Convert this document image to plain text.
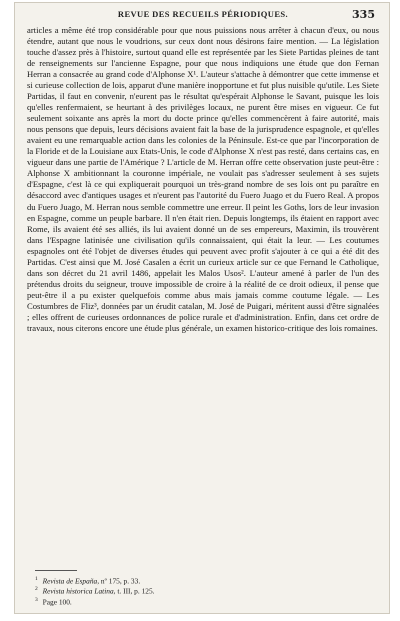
REVUE DES RECUEILS PÉRIODIQUES.	335

articles a même été trop considérable pour que nous puissions nous arrêter à chacun d'eux, ou nous étendre, autant que nous le voudrions, sur ceux dont nous désirons faire mention. — La législation touche d'assez près à l'histoire, surtout quand elle est représentée par les Siete Partidas pleines de tant de renseignements sur l'ancienne Espagne, pour que nous indiquions une étude que don Fernan Herran a consacrée au grand code d'Alphonse X¹. L'auteur s'attache à démontrer que cette immense et si curieuse collection de lois, apparut d'une manière inopportune et fut plus nuisible qu'utile. Les Siete Partidas, il faut en convenir, n'eurent pas le résultat qu'espérait Alphonse le Savant, puisque les lois qu'elles renfermaient, se heurtant à des privilèges locaux, ne purent être mises en vigueur. Ce fut seulement soixante ans après la mort du docte prince qu'elles commencèrent à faire autorité, mais nous pensons que depuis, leurs décisions avaient fait la base de la jurisprudence espagnole, et qu'elles avaient eu une remarquable action dans les colonies de la Péninsule. Est-ce que par l'incorporation de la Floride et de la Louisiane aux Etats-Unis, le code d'Alphonse X n'est pas resté, dans certains cas, en vigueur dans une partie de l'Amérique ? L'article de M. Herran offre cette observation juste peut-être : Alphonse X ambitionnant la couronne impériale, ne voulait pas s'adresser seulement à ses sujets d'Espagne, c'est là ce qui expliquerait pourquoi un très-grand nombre de ses lois ont pu paraître en désaccord avec d'antiques usages et n'eurent pas l'autorité du Fuero Juago et du Fuero Real. A propos du Fuero Juago, M. Herran nous semble commettre une erreur. Il peint les Goths, lors de leur invasion en Espagne, comme un peuple barbare. Il n'en était rien. Depuis longtemps, ils étaient en rapport avec Rome, ils avaient été ses alliés, ils lui avaient donné un de ses empereurs, Maximin, ils trouvèrent dans l'Espagne latinisée une civilisation qu'ils connaissaient, qui était la leur. — Les coutumes espagnoles ont été l'objet de diverses études qui peuvent avec profit s'ajouter à ce qui a été dit des Partidas. C'est ainsi que M. José Casalen a écrit un curieux article sur ce que Fernand le Catholique, dans son décret du 21 avril 1486, appelait les Malos Usos². L'auteur amené à parler de l'un des prétendus droits du seigneur, trouve impossible de croire à la réalité de ce droit odieux, il pense que peut-être il a pu exister quelquefois comme abus mais jamais comme coutume légale. — Les Costumbres de Fliz³, données par un érudit catalan, M. José de Puigari, méritent aussi d'être signalées ; elles offrent de curieuses ordonnances de police rurale et d'administration. Enfin, dans cet ordre de travaux, nous citerons encore une étude plus générale, un examen historico-critique des lois romaines.

$^1$ Revista de España, nº 175, p. 33.
$^2$ Revista historica Latina, t. III, p. 125.
$^3$ Page 100.
